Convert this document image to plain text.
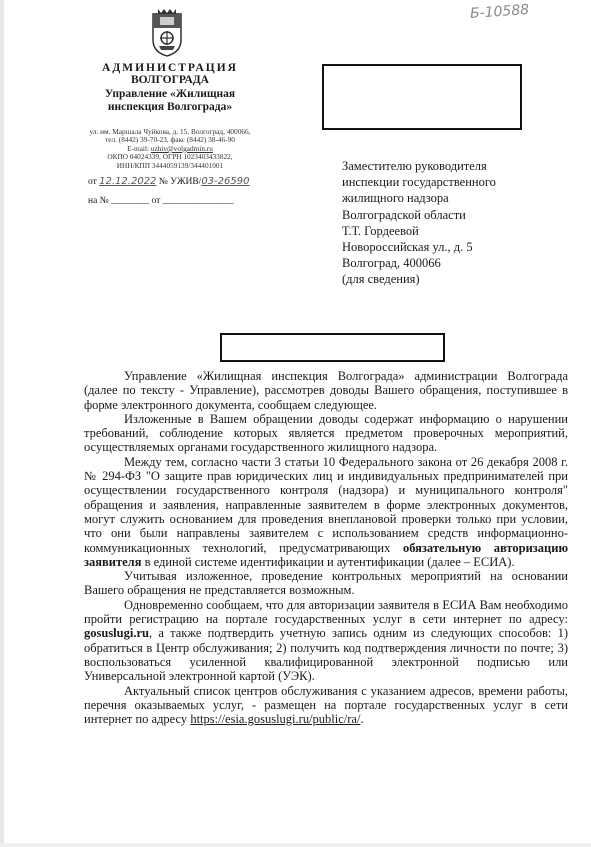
АДМИНИСТРАЦИЯ
ВОЛГОГРАДА
Управление «Жилищная инспекция Волгограда»
ул. им. Маршала Чуйкова, д. 15, Волгоград, 400066,
тел. (8442) 39-70-23, факс (8442) 38-46-90
E-mail: uzhiv@volgadmin.ru
ОКПО 04024339, ОГРН 1023403433822,
ИНН/КПП 3444059139/344401001
от 12.12.2022 № УЖИВ/03-26590
на № ________ от _______________
Б-10588
Заместителю руководителя
инспекции государственного
жилищного надзора
Волгоградской области
Т.Т. Гордеевой
Новороссийская ул., д. 5
Волгоград, 400066
(для сведения)

Управление «Жилищная инспекция Волгограда» администрации Волгограда (далее по тексту - Управление), рассмотрев доводы Вашего обращения, поступившее в форме электронного документа, сообщаем следующее.

Изложенные в Вашем обращении доводы содержат информацию о нарушении требований, соблюдение которых является предметом проверочных мероприятий, осуществляемых органами государственного жилищного надзора.

Между тем, согласно части 3 статьи 10 Федерального закона от 26 декабря 2008 г. № 294-ФЗ "О защите прав юридических лиц и индивидуальных предпринимателей при осуществлении государственного контроля (надзора) и муниципального контроля" обращения и заявления, направленные заявителем в форме электронных документов, могут служить основанием для проведения внеплановой проверки только при условии, что они были направлены заявителем с использованием средств информационно-коммуникационных технологий, предусматривающих обязательную авторизацию заявителя в единой системе идентификации и аутентификации (далее – ЕСИА).

Учитывая изложенное, проведение контрольных мероприятий на основании Вашего обращения не представляется возможным.

Одновременно сообщаем, что для авторизации заявителя в ЕСИА Вам необходимо пройти регистрацию на портале государственных услуг в сети интернет по адресу: gosuslugi.ru, а также подтвердить учетную запись одним из следующих способов: 1) обратиться в Центр обслуживания; 2) получить код подтверждения личности по почте; 3) воспользоваться усиленной квалифицированной электронной подписью или Универсальной электронной картой (УЭК).

Актуальный список центров обслуживания с указанием адресов, времени работы, перечня оказываемых услуг, - размещен на портале государственных услуг в сети интернет по адресу https://esia.gosuslugi.ru/public/ra/.
